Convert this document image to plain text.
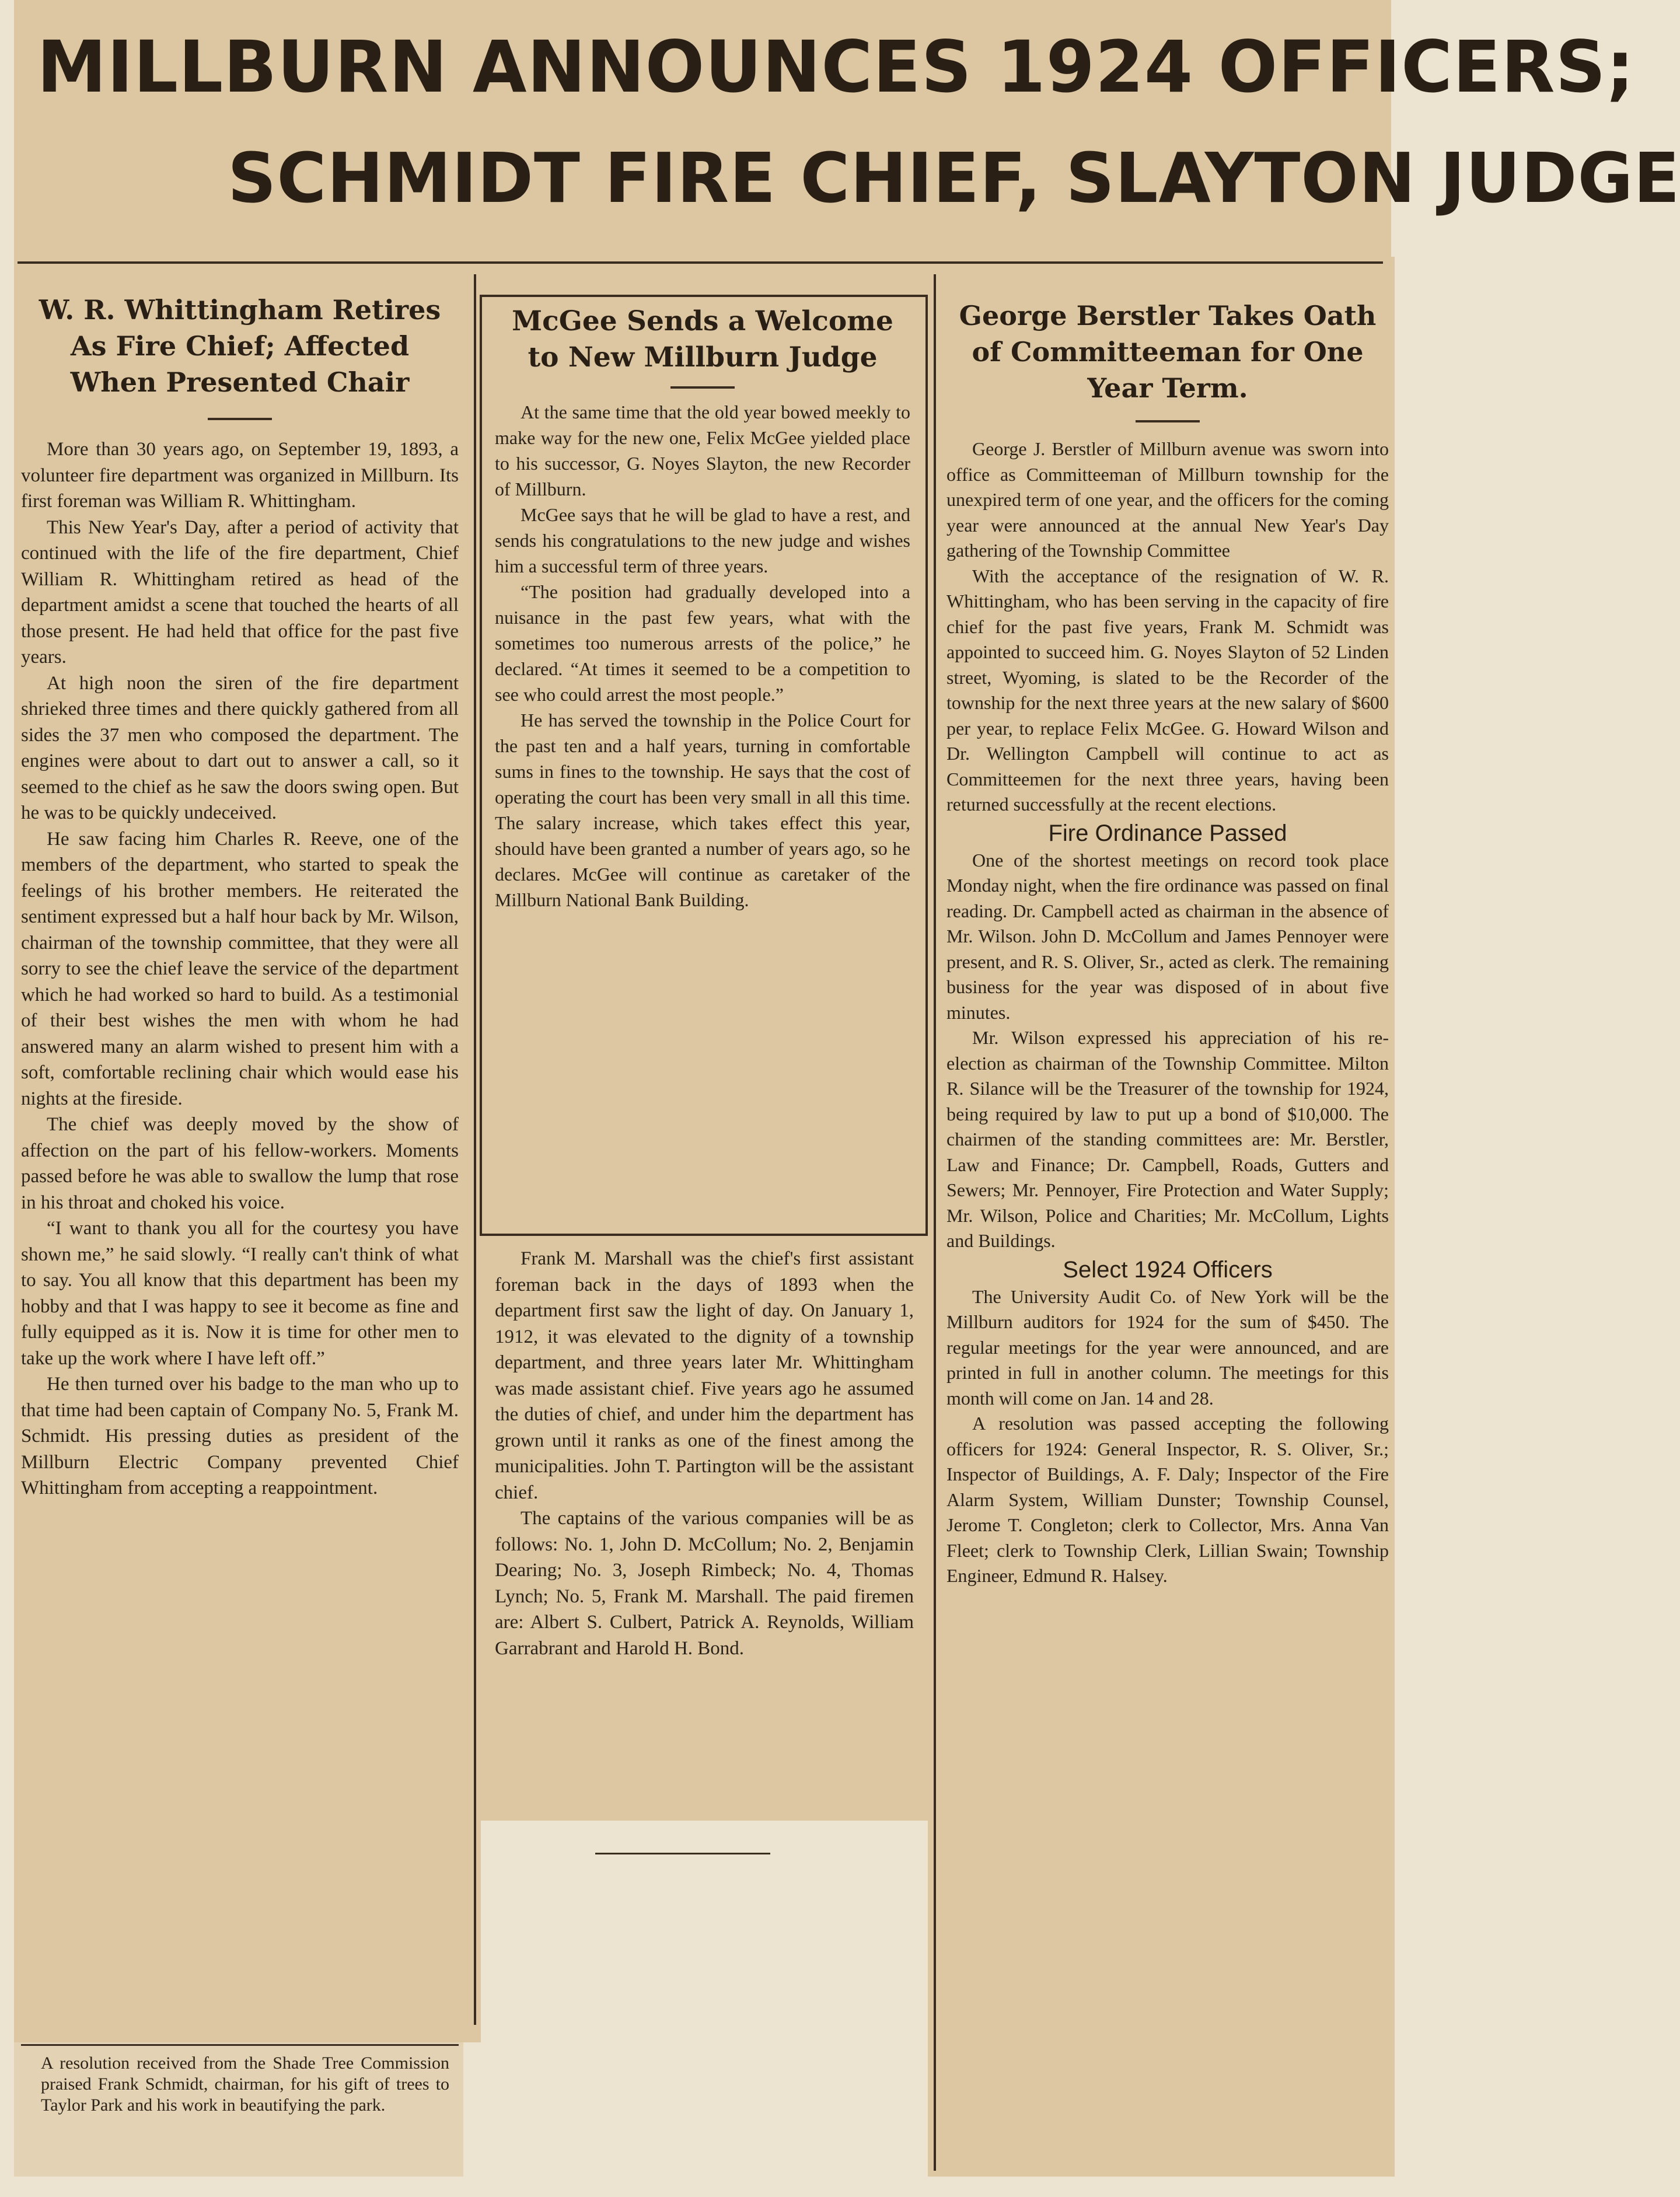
MILLBURN ANNOUNCES 1924 OFFICERS;
SCHMIDT FIRE CHIEF, SLAYTON JUDGE
W. R. Whittingham Retires
As Fire Chief; Affected
When Presented Chair

More than 30 years ago, on September 19, 1893, a volunteer fire department was organized in Millburn. Its first foreman was William R. Whittingham.

This New Year's Day, after a period of activity that continued with the life of the fire department, Chief William R. Whittingham retired as head of the department amidst a scene that touched the hearts of all those present. He had held that office for the past five years.

At high noon the siren of the fire department shrieked three times and there quickly gathered from all sides the 37 men who composed the department. The engines were about to dart out to answer a call, so it seemed to the chief as he saw the doors swing open. But he was to be quickly undeceived.

He saw facing him Charles R. Reeve, one of the members of the department, who started to speak the feelings of his brother members. He reiterated the sentiment expressed but a half hour back by Mr. Wilson, chairman of the township committee, that they were all sorry to see the chief leave the service of the department which he had worked so hard to build. As a testimonial of their best wishes the men with whom he had answered many an alarm wished to present him with a soft, comfortable reclining chair which would ease his nights at the fireside.

The chief was deeply moved by the show of affection on the part of his fellow-workers. Moments passed before he was able to swallow the lump that rose in his throat and choked his voice.

“I want to thank you all for the courtesy you have shown me,” he said slowly. “I really can't think of what to say. You all know that this department has been my hobby and that I was happy to see it become as fine and fully equipped as it is. Now it is time for other men to take up the work where I have left off.”

He then turned over his badge to the man who up to that time had been captain of Company No. 5, Frank M. Schmidt. His pressing duties as president of the Millburn Electric Company prevented Chief Whittingham from accepting a reappointment.

A resolution received from the Shade Tree Commission praised Frank Schmidt, chairman, for his gift of trees to Taylor Park and his work in beautifying the park.

McGee Sends a Welcome
to New Millburn Judge

At the same time that the old year bowed meekly to make way for the new one, Felix McGee yielded place to his successor, G. Noyes Slayton, the new Recorder of Millburn.

McGee says that he will be glad to have a rest, and sends his congratulations to the new judge and wishes him a successful term of three years.

“The position had gradually developed into a nuisance in the past few years, what with the sometimes too numerous arrests of the police,” he declared. “At times it seemed to be a competition to see who could arrest the most people.”

He has served the township in the Police Court for the past ten and a half years, turning in comfortable sums in fines to the township. He says that the cost of operating the court has been very small in all this time. The salary increase, which takes effect this year, should have been granted a number of years ago, so he declares. McGee will continue as caretaker of the Millburn National Bank Building.

Frank M. Marshall was the chief's first assistant foreman back in the days of 1893 when the department first saw the light of day. On January 1, 1912, it was elevated to the dignity of a township department, and three years later Mr. Whittingham was made assistant chief. Five years ago he assumed the duties of chief, and under him the department has grown until it ranks as one of the finest among the municipalities. John T. Partington will be the assistant chief.

The captains of the various companies will be as follows: No. 1, John D. McCollum; No. 2, Benjamin Dearing; No. 3, Joseph Rimbeck; No. 4, Thomas Lynch; No. 5, Frank M. Marshall. The paid firemen are: Albert S. Culbert, Patrick A. Reynolds, William Garrabrant and Harold H. Bond.

George Berstler Takes Oath
of Committeeman for One
Year Term.

George J. Berstler of Millburn avenue was sworn into office as Committeeman of Millburn township for the unexpired term of one year, and the officers for the coming year were announced at the annual New Year's Day gathering of the Township Committee

With the acceptance of the resignation of W. R. Whittingham, who has been serving in the capacity of fire chief for the past five years, Frank M. Schmidt was appointed to succeed him. G. Noyes Slayton of 52 Linden street, Wyoming, is slated to be the Recorder of the township for the next three years at the new salary of $600 per year, to replace Felix McGee. G. Howard Wilson and Dr. Wellington Campbell will continue to act as Committeemen for the next three years, having been returned successfully at the recent elections.

Fire Ordinance Passed

One of the shortest meetings on record took place Monday night, when the fire ordinance was passed on final reading. Dr. Campbell acted as chairman in the absence of Mr. Wilson. John D. McCollum and James Pennoyer were present, and R. S. Oliver, Sr., acted as clerk. The remaining business for the year was disposed of in about five minutes.

Mr. Wilson expressed his appreciation of his re-election as chairman of the Township Committee. Milton R. Silance will be the Treasurer of the township for 1924, being required by law to put up a bond of $10,000. The chairmen of the standing committees are: Mr. Berstler, Law and Finance; Dr. Campbell, Roads, Gutters and Sewers; Mr. Pennoyer, Fire Protection and Water Supply; Mr. Wilson, Police and Charities; Mr. McCollum, Lights and Buildings.

Select 1924 Officers

The University Audit Co. of New York will be the Millburn auditors for 1924 for the sum of $450. The regular meetings for the year were announced, and are printed in full in another column. The meetings for this month will come on Jan. 14 and 28.

A resolution was passed accepting the following officers for 1924: General Inspector, R. S. Oliver, Sr.; Inspector of Buildings, A. F. Daly; Inspector of the Fire Alarm System, William Dunster; Township Counsel, Jerome T. Congleton; clerk to Collector, Mrs. Anna Van Fleet; clerk to Township Clerk, Lillian Swain; Township Engineer, Edmund R. Halsey.
